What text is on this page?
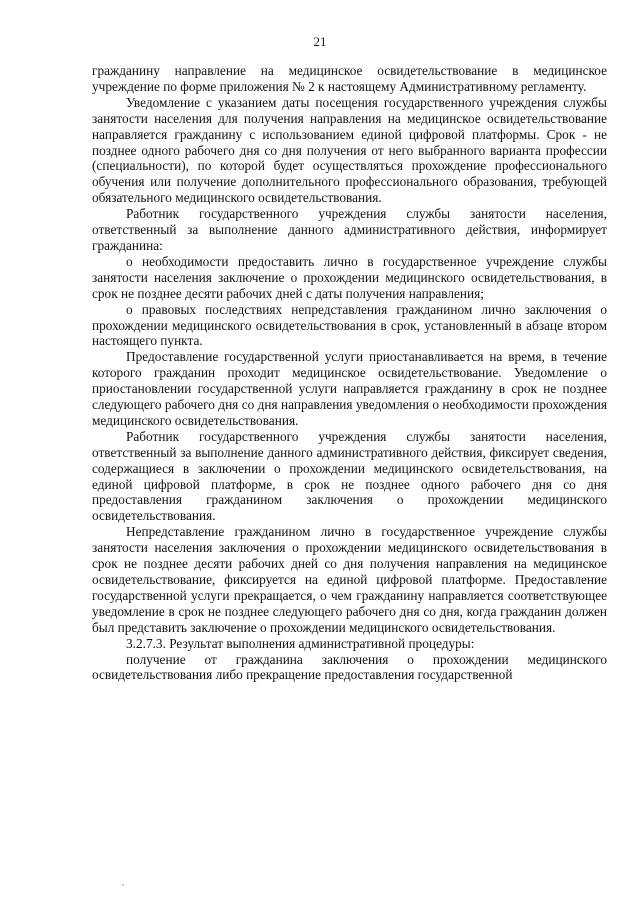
21

гражданину направление на медицинское освидетельствование в медицинское учреждение по форме приложения № 2 к настоящему Административному регламенту.

Уведомление с указанием даты посещения государственного учреждения службы занятости населения для получения направления на медицинское освидетельствование направляется гражданину с использованием единой цифровой платформы. Срок - не позднее одного рабочего дня со дня получения от него выбранного варианта профессии (специальности), по которой будет осуществляться прохождение профессионального обучения или получение дополнительного профессионального образования, требующей обязательного медицинского освидетельствования.

Работник государственного учреждения службы занятости населения, ответственный за выполнение данного административного действия, информирует гражданина:

о необходимости предоставить лично в государственное учреждение службы занятости населения заключение о прохождении медицинского освидетельствования, в срок не позднее десяти рабочих дней с даты получения направления;

о правовых последствиях непредставления гражданином лично заключения о прохождении медицинского освидетельствования в срок, установленный в абзаце втором настоящего пункта.

Предоставление государственной услуги приостанавливается на время, в течение которого гражданин проходит медицинское освидетельствование. Уведомление о приостановлении государственной услуги направляется гражданину в срок не позднее следующего рабочего дня со дня направления уведомления о необходимости прохождения медицинского освидетельствования.

Работник государственного учреждения службы занятости населения, ответственный за выполнение данного административного действия, фиксирует сведения, содержащиеся в заключении о прохождении медицинского освидетельствования, на единой цифровой платформе, в срок не позднее одного рабочего дня со дня предоставления гражданином заключения о прохождении медицинского освидетельствования.

Непредставление гражданином лично в государственное учреждение службы занятости населения заключения о прохождении медицинского освидетельствования в срок не позднее десяти рабочих дней со дня получения направления на медицинское освидетельствование, фиксируется на единой цифровой платформе. Предоставление государственной услуги прекращается, о чем гражданину направляется соответствующее уведомление в срок не позднее следующего рабочего дня со дня, когда гражданин должен был представить заключение о прохождении медицинского освидетельствования.

3.2.7.3. Результат выполнения административной процедуры:

получение от гражданина заключения о прохождении медицинского освидетельствования либо прекращение предоставления государственной
